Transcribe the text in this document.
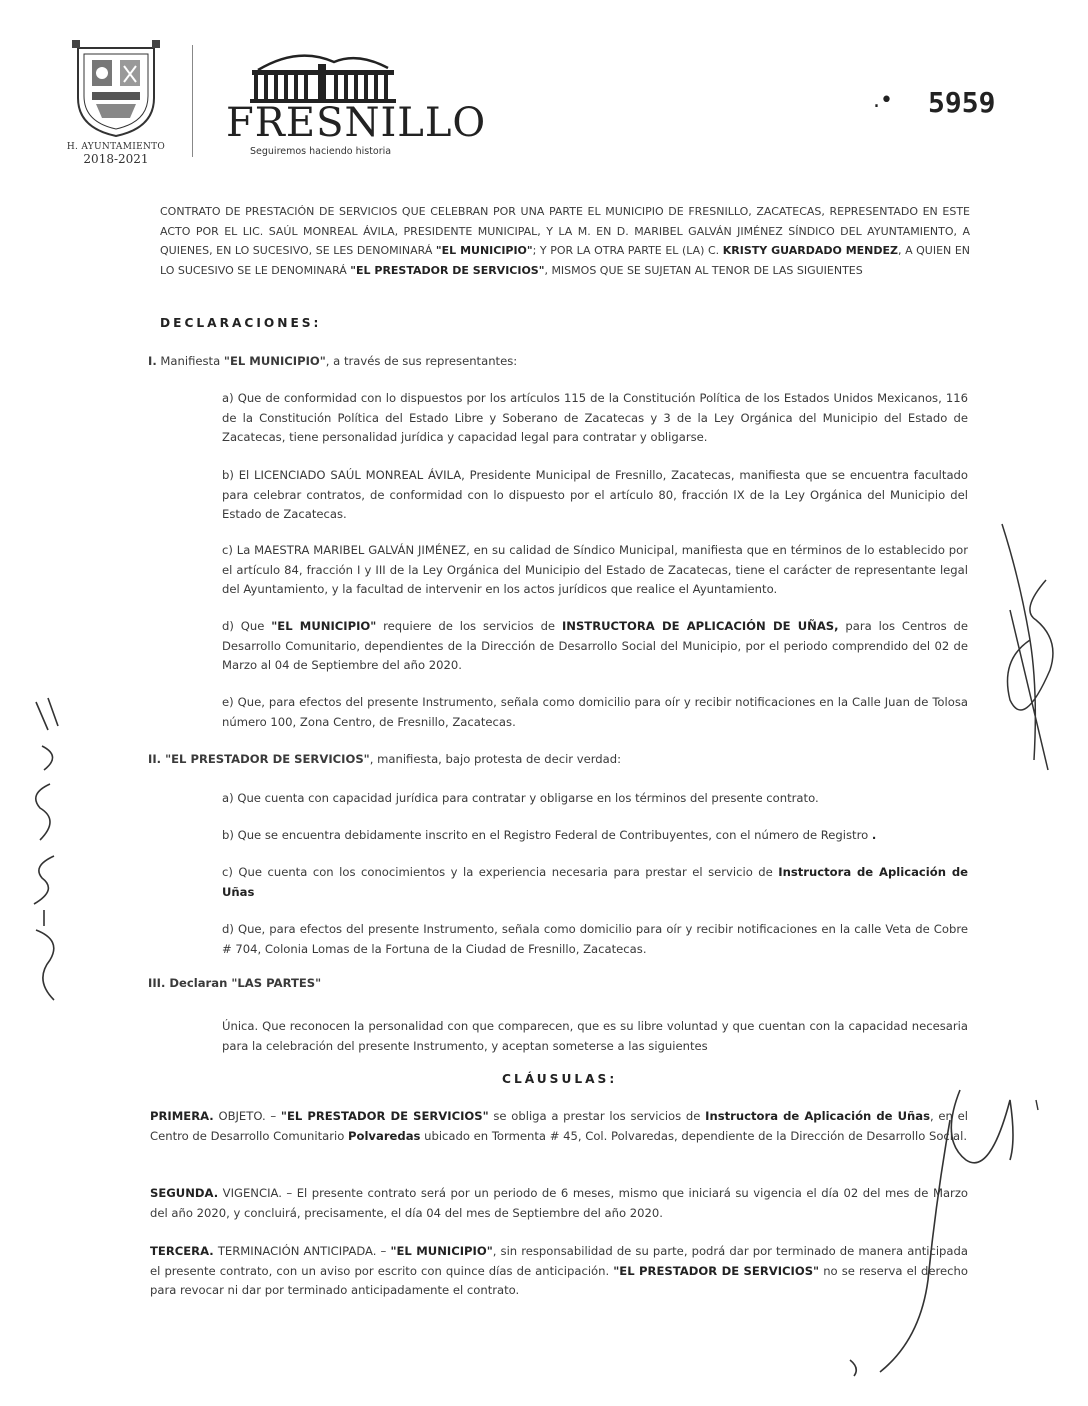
H. AYUNTAMIENTO
2018-2021
FRESNILLO
Seguiremos haciendo historia
.• 5959
CONTRATO DE PRESTACIÓN DE SERVICIOS QUE CELEBRAN POR UNA PARTE EL MUNICIPIO DE FRESNILLO, ZACATECAS, REPRESENTADO EN ESTE ACTO POR EL LIC. SAÚL MONREAL ÁVILA, PRESIDENTE MUNICIPAL, Y LA M. EN D. MARIBEL GALVÁN JIMÉNEZ SÍNDICO DEL AYUNTAMIENTO, A QUIENES, EN LO SUCESIVO, SE LES DENOMINARÁ "EL MUNICIPIO"; Y POR LA OTRA PARTE EL (LA) C. KRISTY GUARDADO MENDEZ, A QUIEN EN LO SUCESIVO SE LE DENOMINARÁ "EL PRESTADOR DE SERVICIOS", MISMOS QUE SE SUJETAN AL TENOR DE LAS SIGUIENTES
DECLARACIONES:
I. Manifiesta "EL MUNICIPIO", a través de sus representantes:
a) Que de conformidad con lo dispuestos por los artículos 115 de la Constitución Política de los Estados Unidos Mexicanos, 116 de la Constitución Política del Estado Libre y Soberano de Zacatecas y 3 de la Ley Orgánica del Municipio del Estado de Zacatecas, tiene personalidad jurídica y capacidad legal para contratar y obligarse.
b) El LICENCIADO SAÚL MONREAL ÁVILA, Presidente Municipal de Fresnillo, Zacatecas, manifiesta que se encuentra facultado para celebrar contratos, de conformidad con lo dispuesto por el artículo 80, fracción IX de la Ley Orgánica del Municipio del Estado de Zacatecas.
c) La MAESTRA MARIBEL GALVÁN JIMÉNEZ, en su calidad de Síndico Municipal, manifiesta que en términos de lo establecido por el artículo 84, fracción I y III de la Ley Orgánica del Municipio del Estado de Zacatecas, tiene el carácter de representante legal del Ayuntamiento, y la facultad de intervenir en los actos jurídicos que realice el Ayuntamiento.
d) Que "EL MUNICIPIO" requiere de los servicios de INSTRUCTORA DE APLICACIÓN DE UÑAS, para los Centros de Desarrollo Comunitario, dependientes de la Dirección de Desarrollo Social del Municipio, por el periodo comprendido del 02 de Marzo al 04 de Septiembre del año 2020.
e) Que, para efectos del presente Instrumento, señala como domicilio para oír y recibir notificaciones en la Calle Juan de Tolosa número 100, Zona Centro, de Fresnillo, Zacatecas.
II. "EL PRESTADOR DE SERVICIOS", manifiesta, bajo protesta de decir verdad:
a) Que cuenta con capacidad jurídica para contratar y obligarse en los términos del presente contrato.
b) Que se encuentra debidamente inscrito en el Registro Federal de Contribuyentes, con el número de Registro .
c) Que cuenta con los conocimientos y la experiencia necesaria para prestar el servicio de Instructora de Aplicación de Uñas
d) Que, para efectos del presente Instrumento, señala como domicilio para oír y recibir notificaciones en la calle Veta de Cobre # 704, Colonia Lomas de la Fortuna de la Ciudad de Fresnillo, Zacatecas.
III. Declaran "LAS PARTES"
Única. Que reconocen la personalidad con que comparecen, que es su libre voluntad y que cuentan con la capacidad necesaria para la celebración del presente Instrumento, y aceptan someterse a las siguientes
CLÁUSULAS:
PRIMERA. OBJETO. – "EL PRESTADOR DE SERVICIOS" se obliga a prestar los servicios de Instructora de Aplicación de Uñas, en el Centro de Desarrollo Comunitario Polvaredas ubicado en Tormenta # 45, Col. Polvaredas, dependiente de la Dirección de Desarrollo Social.
SEGUNDA. VIGENCIA. – El presente contrato será por un periodo de 6 meses, mismo que iniciará su vigencia el día 02 del mes de Marzo del año 2020, y concluirá, precisamente, el día 04 del mes de Septiembre del año 2020.
TERCERA. TERMINACIÓN ANTICIPADA. – "EL MUNICIPIO", sin responsabilidad de su parte, podrá dar por terminado de manera anticipada el presente contrato, con un aviso por escrito con quince días de anticipación. "EL PRESTADOR DE SERVICIOS" no se reserva el derecho para revocar ni dar por terminado anticipadamente el contrato.
